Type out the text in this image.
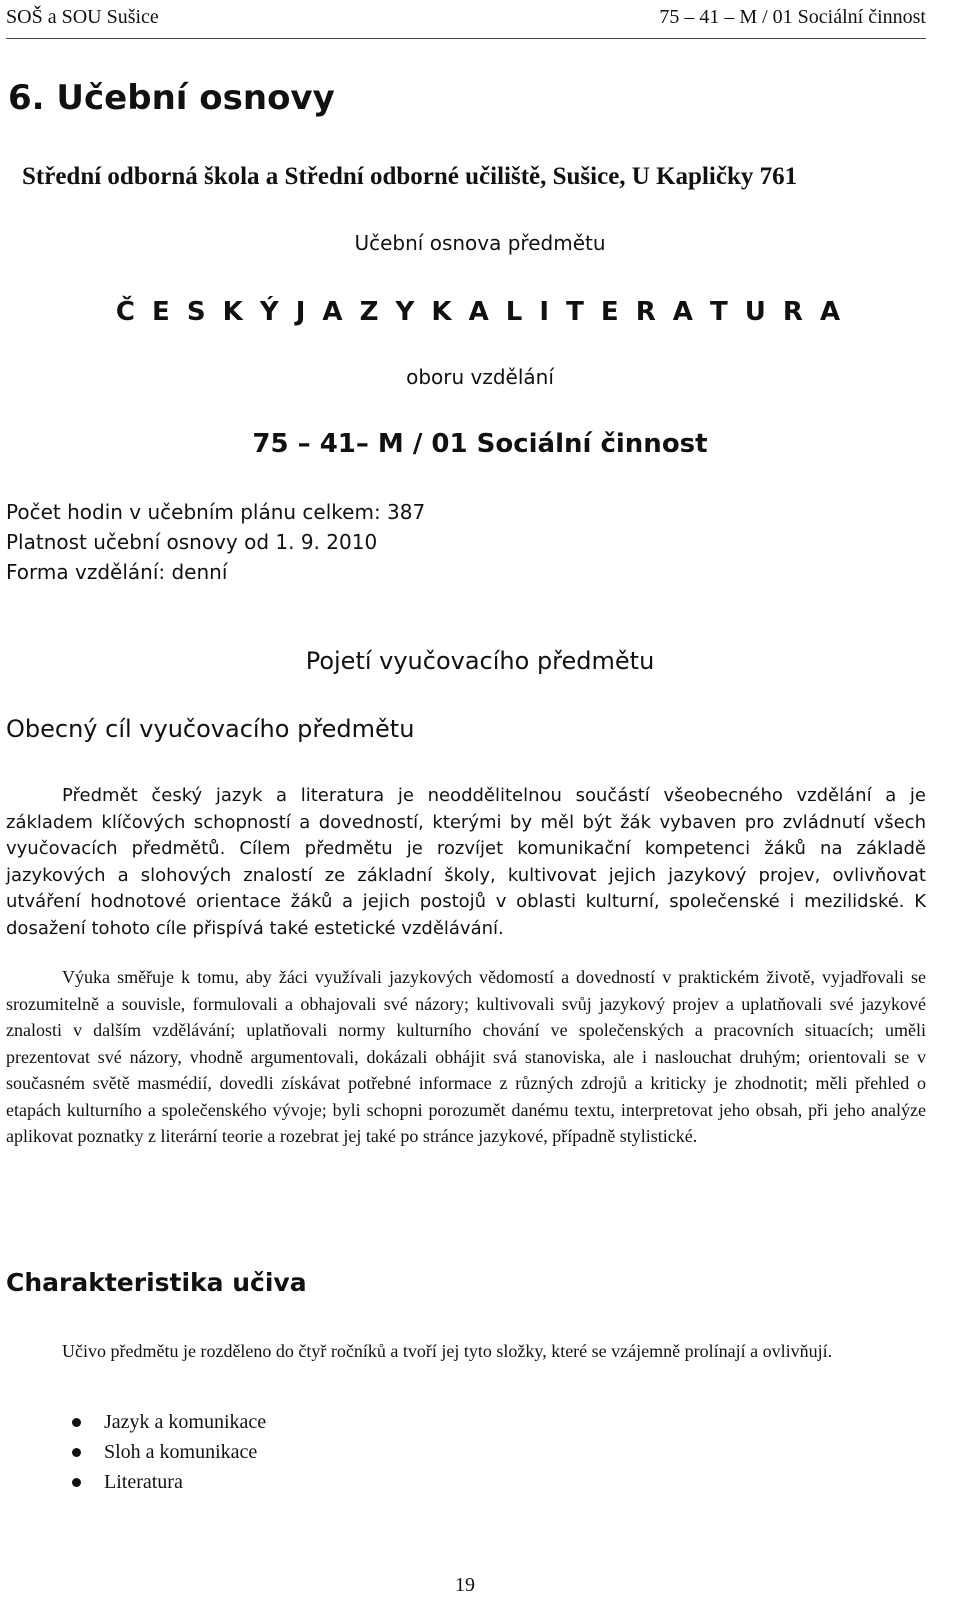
SOŠ a SOU Sušice	75 – 41 – M / 01 Sociální činnost
6. Učební osnovy
Střední odborná škola a Střední odborné učiliště, Sušice, U Kapličky 761
Učební osnova předmětu
Č E S K Ý J A Z Y K A L I T E R A T U R A
oboru vzdělání
75 – 41– M / 01 Sociální činnost
Počet hodin v učebním plánu celkem: 387
Platnost učební osnovy od 1. 9. 2010
Forma vzdělání: denní
Pojetí vyučovacího předmětu
Obecný cíl vyučovacího předmětu
Předmět český jazyk a literatura je neoddělitelnou součástí všeobecného vzdělání a je základem klíčových schopností a dovedností, kterými by měl být žák vybaven pro zvládnutí všech vyučovacích předmětů. Cílem předmětu je rozvíjet komunikační kompetenci žáků na základě jazykových a slohových znalostí ze základní školy, kultivovat jejich jazykový projev, ovlivňovat utváření hodnotové orientace žáků a jejich postojů v oblasti kulturní, společenské i mezilidské. K dosažení tohoto cíle přispívá také estetické vzdělávání.
Výuka směřuje k tomu, aby žáci využívali jazykových vědomostí a dovedností v praktickém životě, vyjadřovali se srozumitelně a souvisle, formulovali a obhajovali své názory; kultivovali svůj jazykový projev a uplatňovali své jazykové znalosti v dalším vzdělávání; uplatňovali normy kulturního chování ve společenských a pracovních situacích; uměli prezentovat své názory, vhodně argumentovali, dokázali obhájit svá stanoviska, ale i naslouchat druhým; orientovali se v současném světě masmédií, dovedli získávat potřebné informace z různých zdrojů a kriticky je zhodnotit; měli přehled o etapách kulturního a společenského vývoje; byli schopni porozumět danému textu, interpretovat jeho obsah, při jeho analýze aplikovat poznatky z literární teorie a rozebrat jej také po stránce jazykové, případně stylistické.
Charakteristika učiva
Učivo předmětu je rozděleno do čtyř ročníků a tvoří jej tyto složky, které se vzájemně prolínají a ovlivňují.
Jazyk a komunikace
Sloh a komunikace
Literatura
19
